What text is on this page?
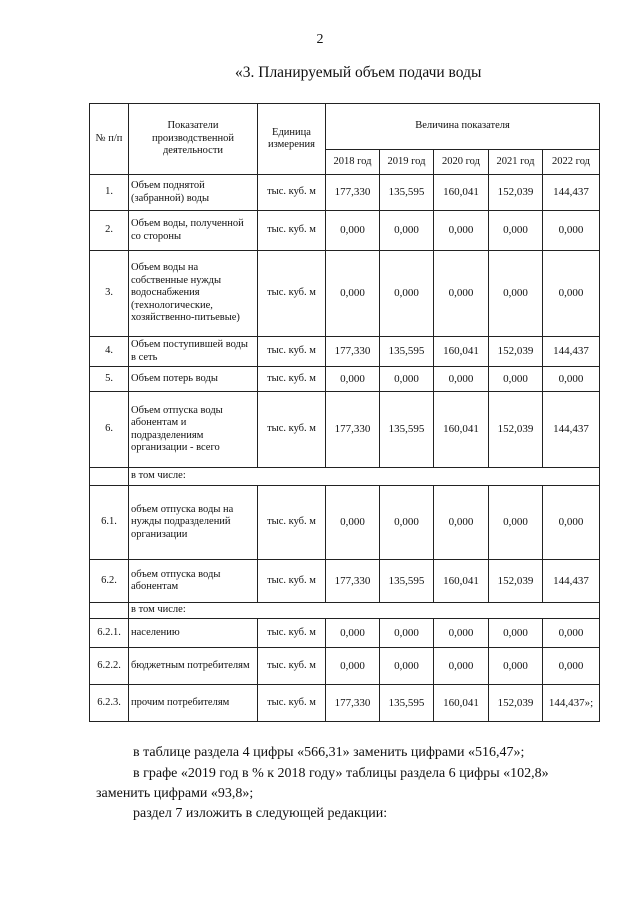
2
«3. Планируемый объем подачи воды
№ п/п	Показатели производственной деятельности	Единица измерения	Величина показателя				
			2018 год	2019 год	2020 год	2021 год	2022 год
1.	Объем поднятой (забранной) воды	тыс. куб. м	177,330	135,595	160,041	152,039	144,437
2.	Объем воды, полученной со стороны	тыс. куб. м	0,000	0,000	0,000	0,000	0,000
3.	Объем воды на собственные нужды водоснабжения (технологические, хозяйственно-питьевые)	тыс. куб. м	0,000	0,000	0,000	0,000	0,000
4.	Объем поступившей воды в сеть	тыс. куб. м	177,330	135,595	160,041	152,039	144,437
5.	Объем потерь воды	тыс. куб. м	0,000	0,000	0,000	0,000	0,000
6.	Объем отпуска воды абонентам и подразделениям организации - всего	тыс. куб. м	177,330	135,595	160,041	152,039	144,437
	в том числе:						
6.1.	объем отпуска воды на нужды подразделений организации	тыс. куб. м	0,000	0,000	0,000	0,000	0,000
6.2.	объем отпуска воды абонентам	тыс. куб. м	177,330	135,595	160,041	152,039	144,437
	в том числе:						
6.2.1.	населению	тыс. куб. м	0,000	0,000	0,000	0,000	0,000
6.2.2.	бюджетным потребителям	тыс. куб. м	0,000	0,000	0,000	0,000	0,000
6.2.3.	прочим потребителям	тыс. куб. м	177,330	135,595	160,041	152,039	144,437»;
в таблице раздела 4 цифры «566,31» заменить цифрами «516,47»;
в графе «2019 год в % к 2018 году» таблицы раздела 6 цифры «102,8»
заменить цифрами «93,8»;
раздел 7 изложить в следующей редакции:
